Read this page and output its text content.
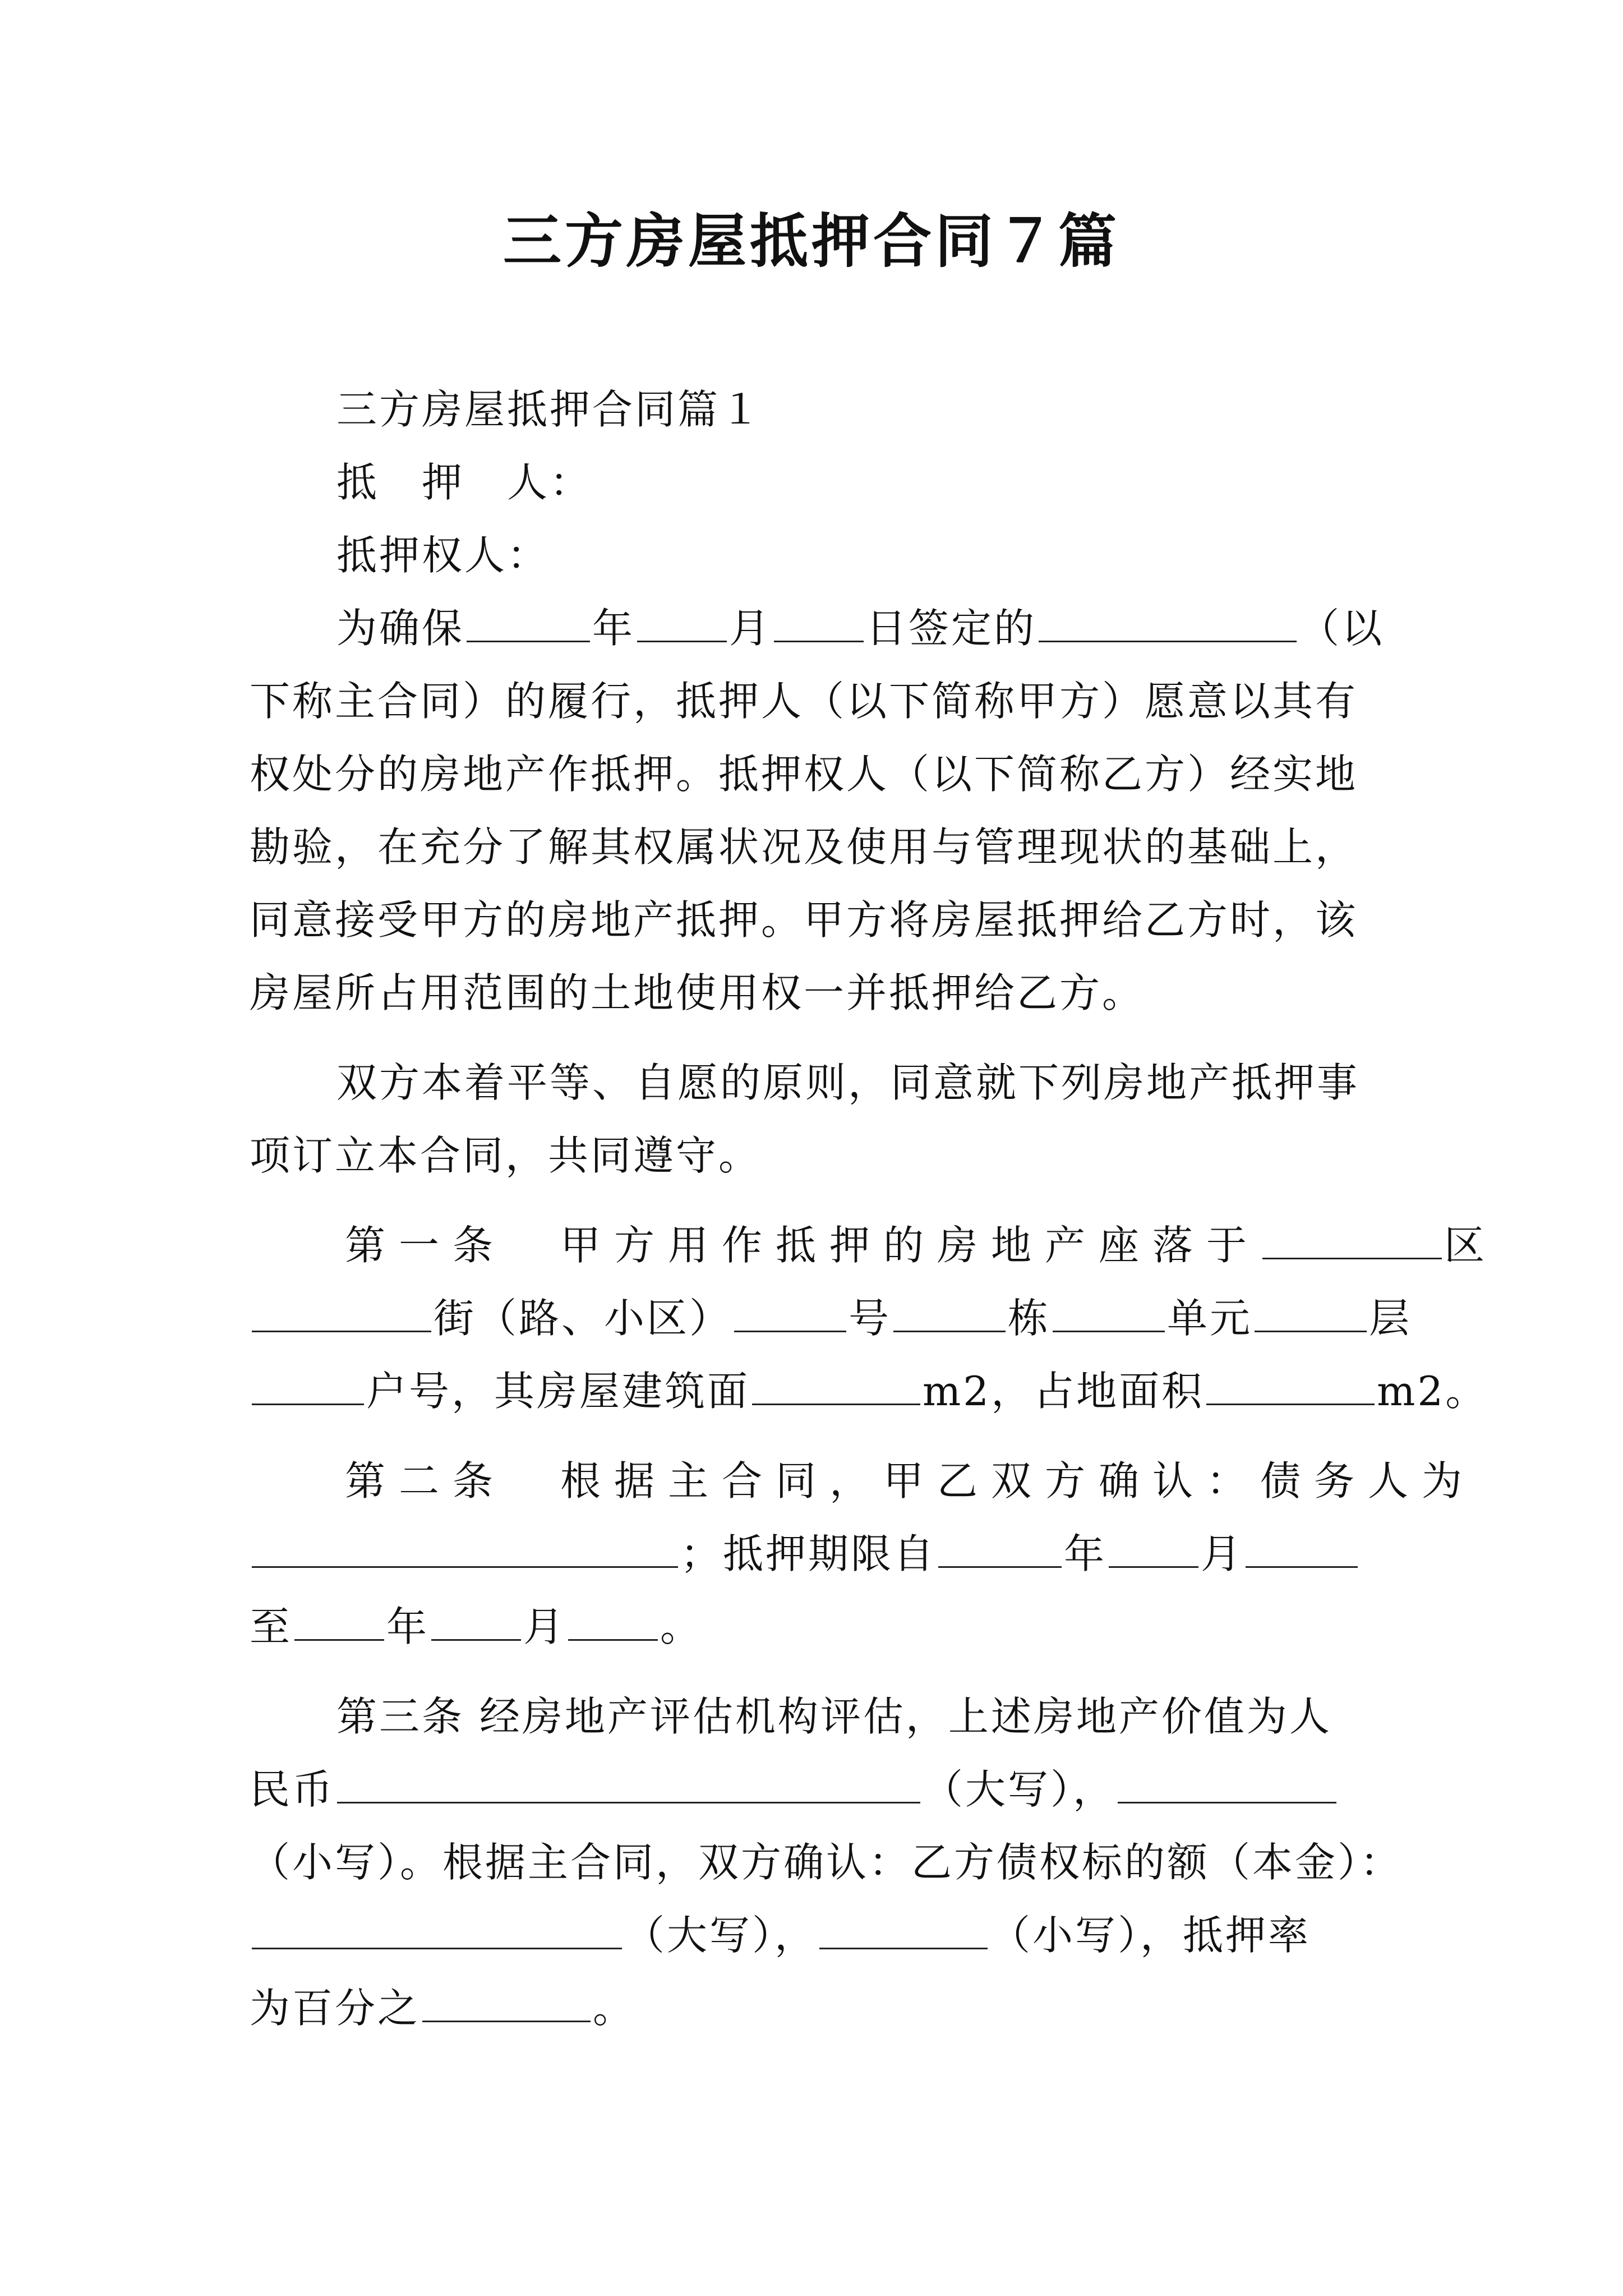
三方房屋抵押合同７篇
三方房屋抵押合同篇１
抵　押　人：
抵押权人：
为确保	年 月 日签定的	（以
下称主合同）的履行，抵押人（以下简称甲方）愿意以其有
权处分的房地产作抵押。抵押权人（以下简称乙方）经实地
勘验，在充分了解其权属状况及使用与管理现状的基础上，
同意接受甲方的房地产抵押。甲方将房屋抵押给乙方时，该
房屋所占用范围的土地使用权一并抵押给乙方。
双方本着平等、自愿的原则，同意就下列房地产抵押事
项订立本合同，共同遵守。
第一条　甲方用作抵押的房地产座落于	区
街（路、小区）	号	栋	单元	层
户号，其房屋建筑面	m2，占地面积	m2。
第二条　根据主合同，甲乙双方确认：债务人为
；抵押期限自	年 月
至 年 月 。
第三条 经房地产评估机构评估，上述房地产价值为人
民币	（大写），
（小写）。根据主合同，双方确认：乙方债权标的额（本金）：
（大写），	（小写），抵押率
为百分之	。
